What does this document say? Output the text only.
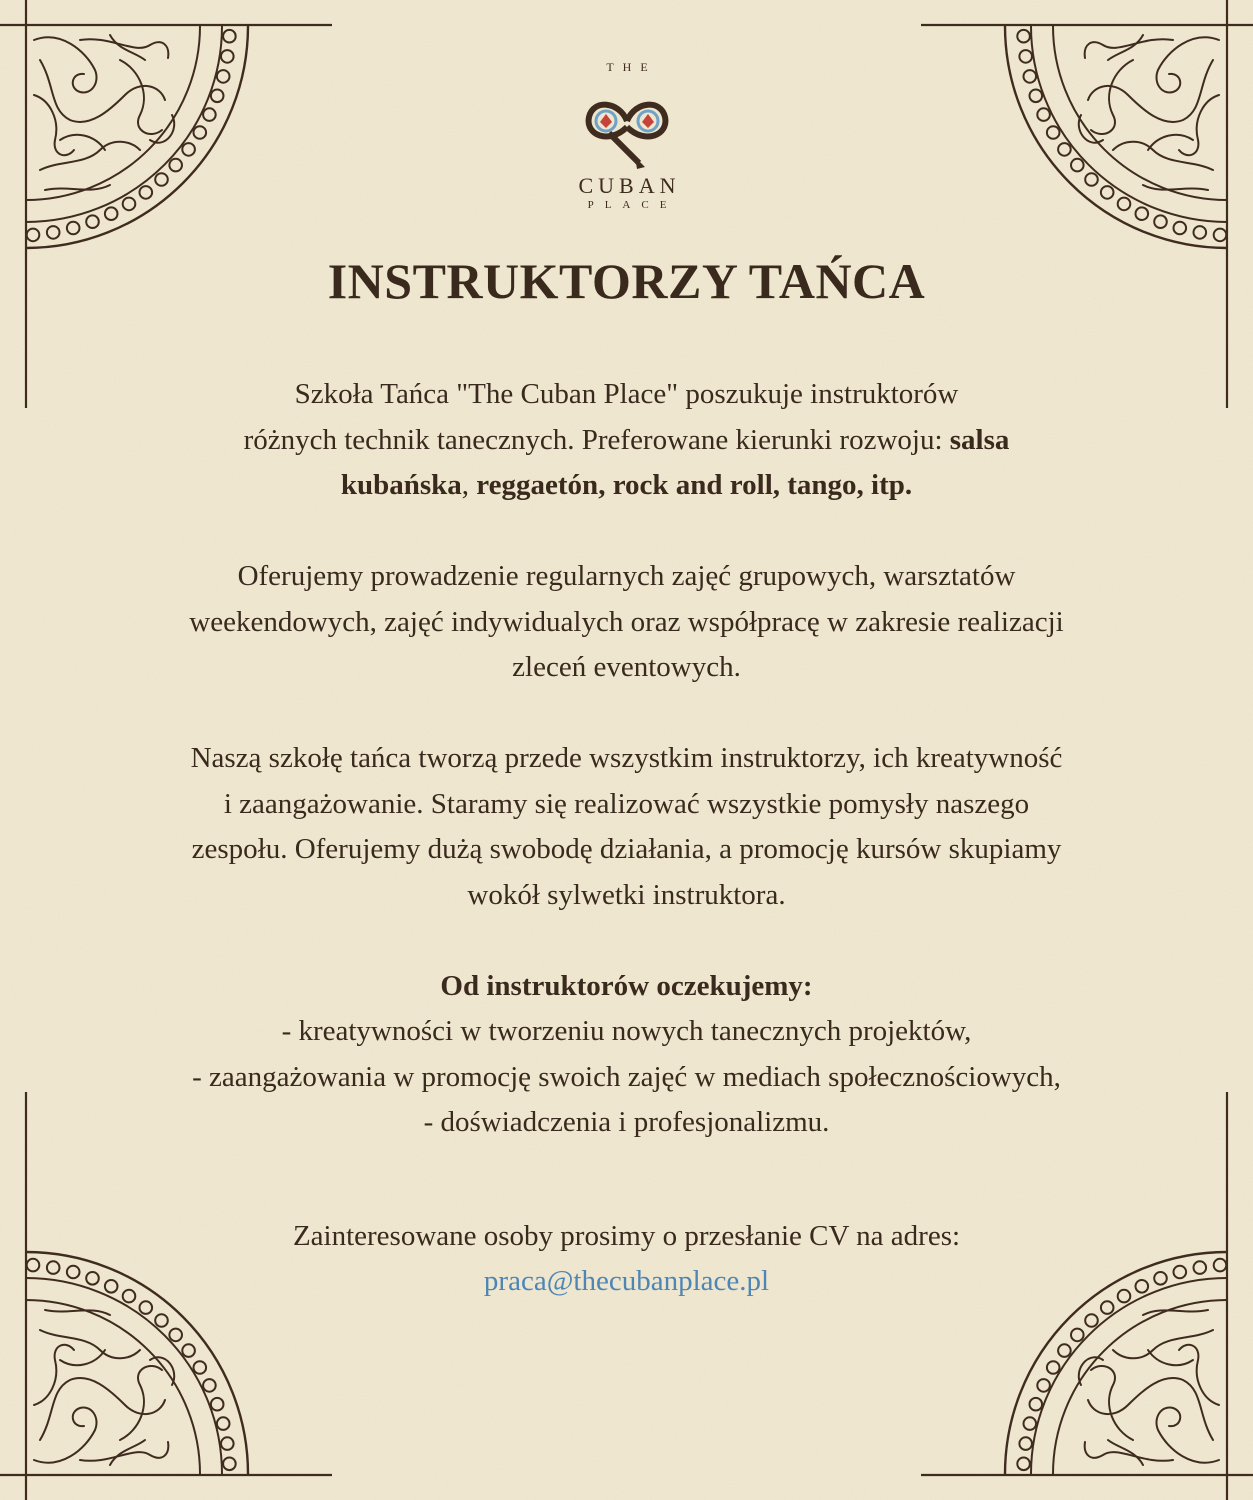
THE
CUBAN
PLACE
INSTRUKTORZY TAŃCA

Szkoła Tańca "The Cuban Place" poszukuje instruktorów
różnych technik tanecznych. Preferowane kierunki rozwoju: salsa
kubańska, reggaetón, rock and roll, tango, itp.

Oferujemy prowadzenie regularnych zajęć grupowych, warsztatów
weekendowych, zajęć indywidualych oraz współpracę w zakresie realizacji
zleceń eventowych.

Naszą szkołę tańca tworzą przede wszystkim instruktorzy, ich kreatywność
i zaangażowanie. Staramy się realizować wszystkie pomysły naszego
zespołu. Oferujemy dużą swobodę działania, a promocję kursów skupiamy
wokół sylwetki instruktora.

Od instruktorów oczekujemy:
- kreatywności w tworzeniu nowych tanecznych projektów,
- zaangażowania w promocję swoich zajęć w mediach społecznościowych,
- doświadczenia i profesjonalizmu.

Zainteresowane osoby prosimy o przesłanie CV na adres:
praca@thecubanplace.pl
